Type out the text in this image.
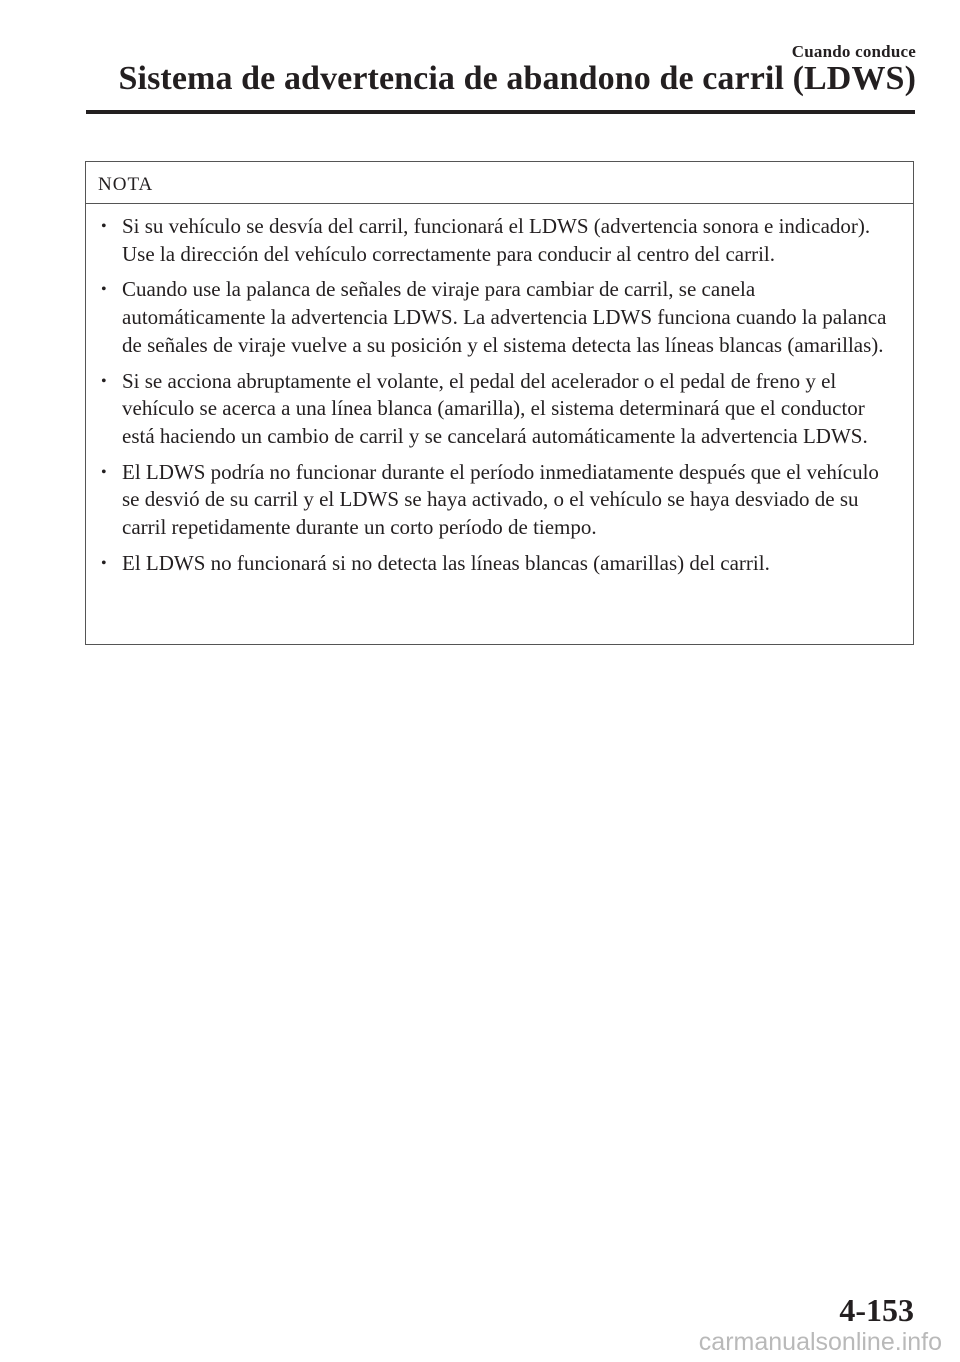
Cuando conduce
Sistema de advertencia de abandono de carril (LDWS)
NOTA
• Si su vehículo se desvía del carril, funcionará el LDWS (advertencia sonora e indicador). Use la dirección del vehículo correctamente para conducir al centro del carril.
• Cuando use la palanca de señales de viraje para cambiar de carril, se canela automáticamente la advertencia LDWS. La advertencia LDWS funciona cuando la palanca de señales de viraje vuelve a su posición y el sistema detecta las líneas blancas (amarillas).
• Si se acciona abruptamente el volante, el pedal del acelerador o el pedal de freno y el vehículo se acerca a una línea blanca (amarilla), el sistema determinará que el conductor está haciendo un cambio de carril y se cancelará automáticamente la advertencia LDWS.
• El LDWS podría no funcionar durante el período inmediatamente después que el vehículo se desvió de su carril y el LDWS se haya activado, o el vehículo se haya desviado de su carril repetidamente durante un corto período de tiempo.
• El LDWS no funcionará si no detecta las líneas blancas (amarillas) del carril.
4-153
carmanualsonline.info
